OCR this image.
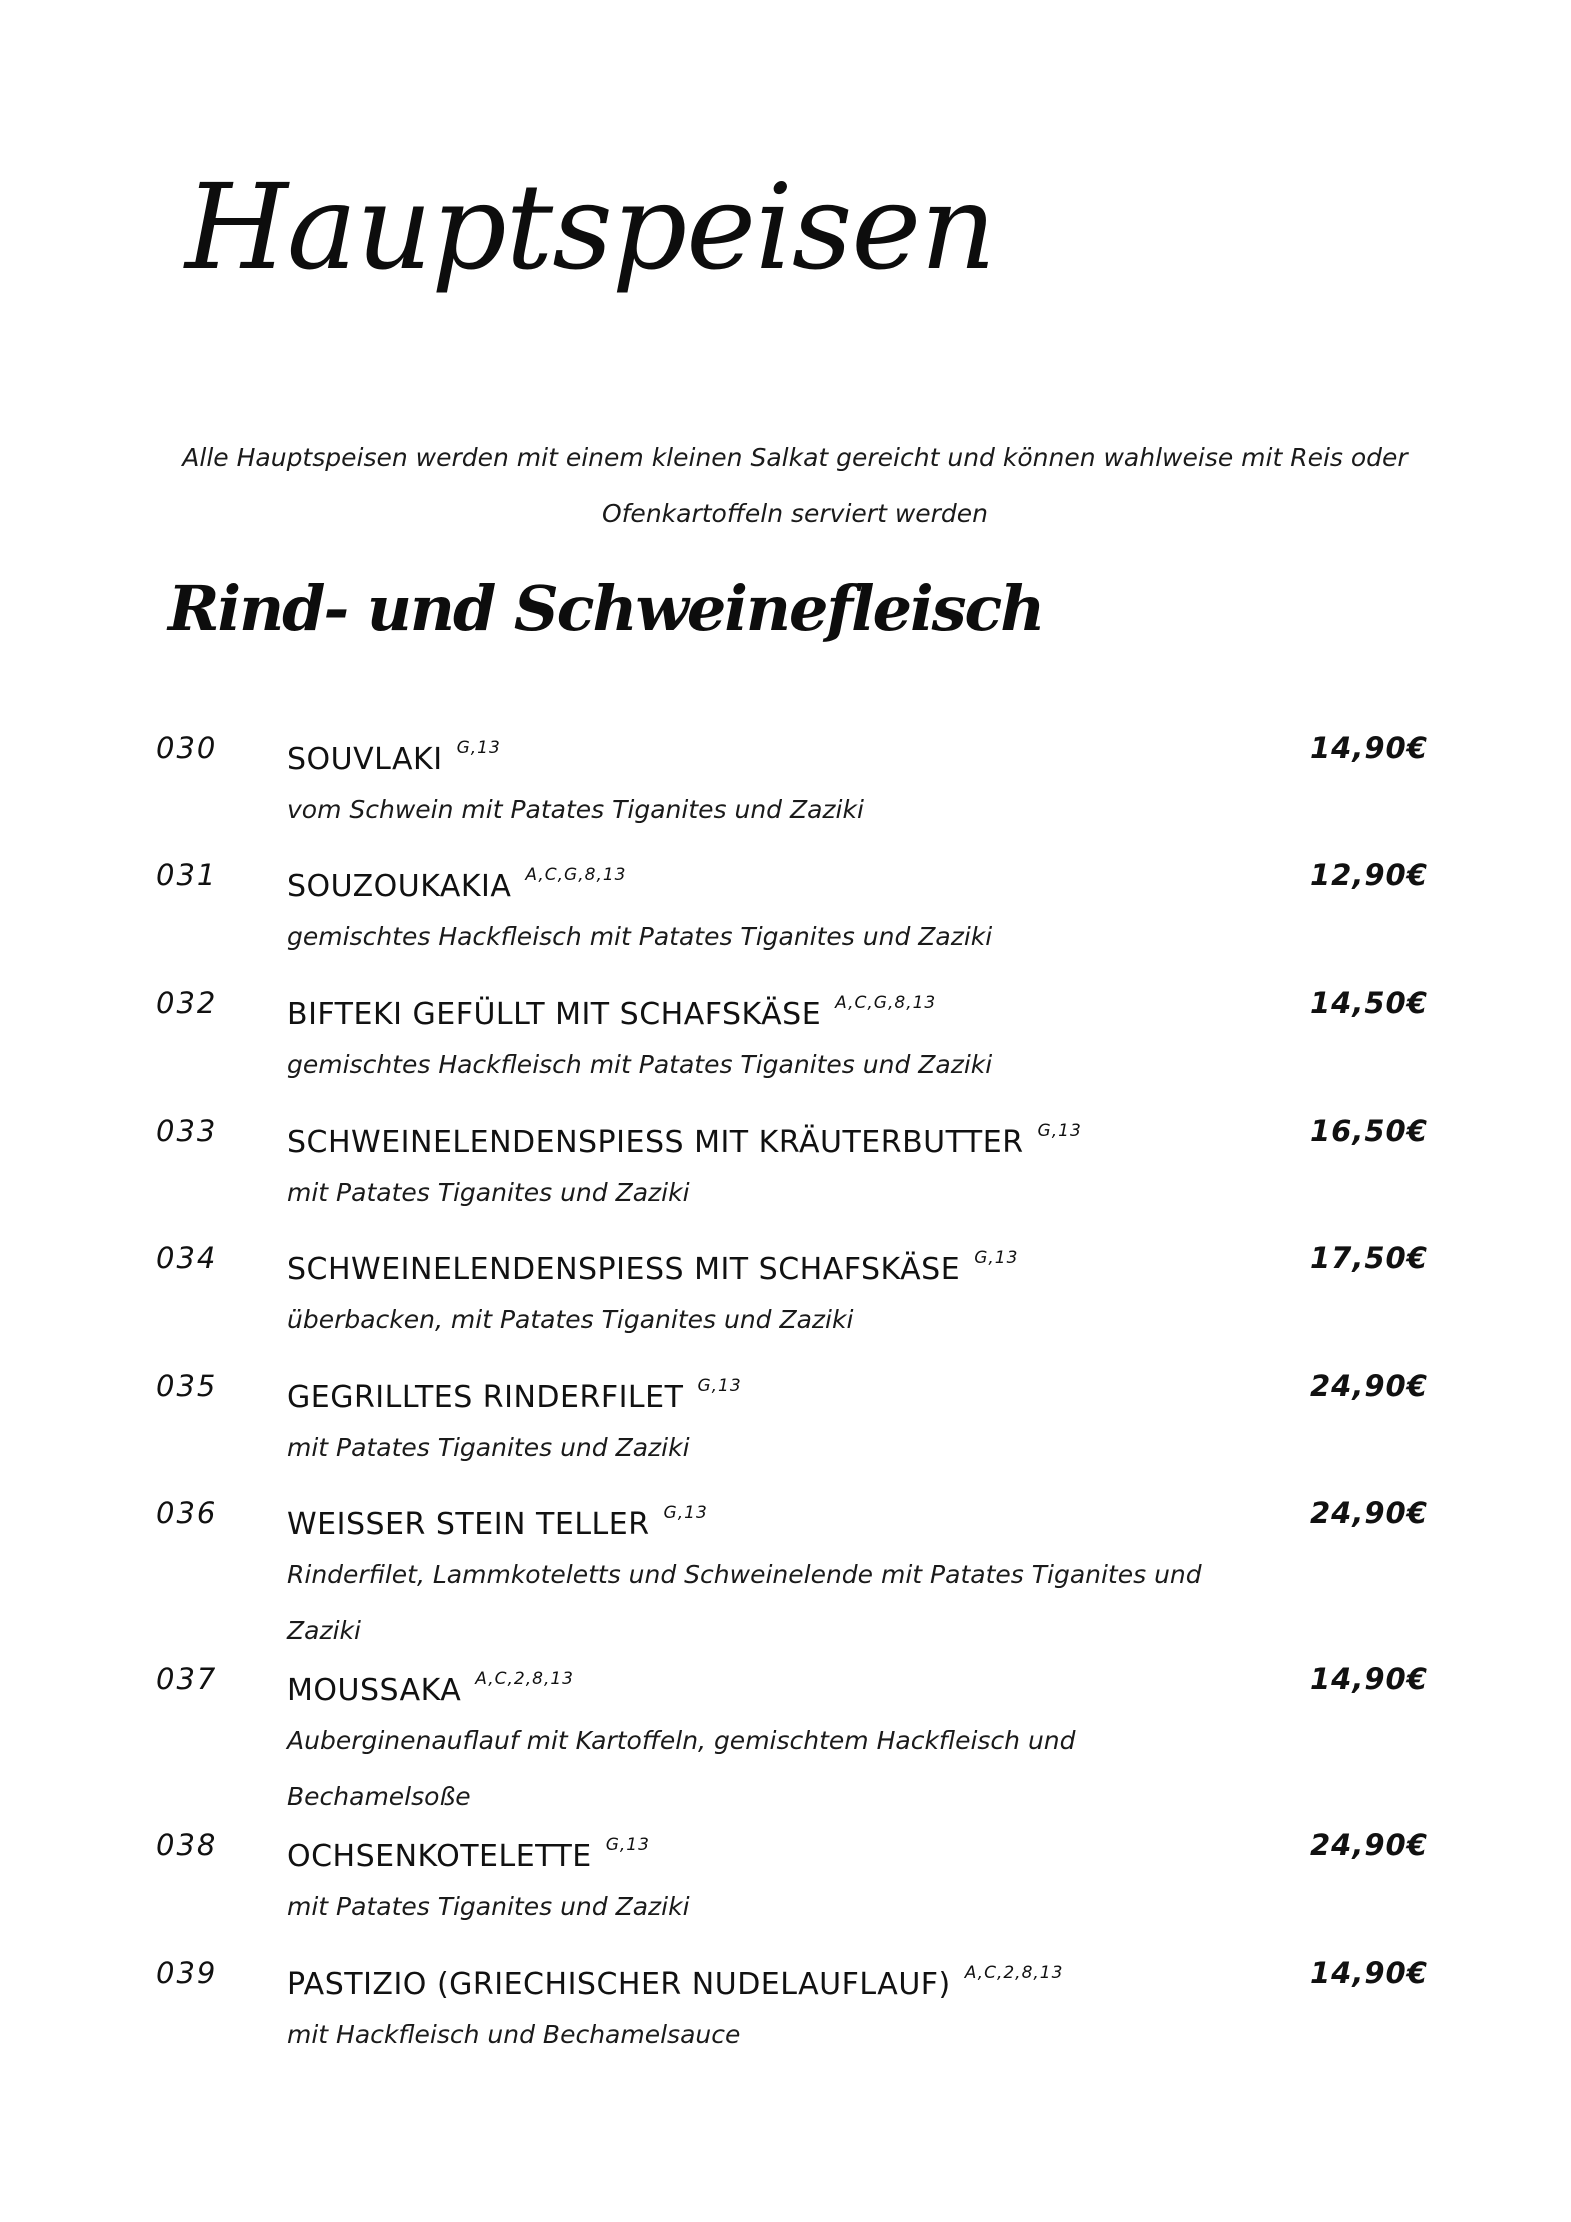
Hauptspeisen
Alle Hauptspeisen werden mit einem kleinen Salkat gereicht und können wahlweise mit Reis oder Ofenkartoffeln serviert werden
Rind- und Schweinefleisch
030 SOUVLAKI $^{G,13}$	14,90€
vom Schwein mit Patates Tiganites und Zaziki
031 SOUZOUKAKIA $^{A,C,G,8,13}$	12,90€
gemischtes Hackfleisch mit Patates Tiganites und Zaziki
032 BIFTEKI GEFÜLLT MIT SCHAFSKÄSE $^{A,C,G,8,13}$	14,50€
gemischtes Hackfleisch mit Patates Tiganites und Zaziki
033 SCHWEINELENDENSPIESS MIT KRÄUTERBUTTER $^{G,13}$	16,50€
mit Patates Tiganites und Zaziki
034 SCHWEINELENDENSPIESS MIT SCHAFSKÄSE $^{G,13}$	17,50€
überbacken, mit Patates Tiganites und Zaziki
035 GEGRILLTES RINDERFILET $^{G,13}$	24,90€
mit Patates Tiganites und Zaziki
036 WEISSER STEIN TELLER $^{G,13}$	24,90€
Rinderfilet, Lammkoteletts und Schweinelende mit Patates Tiganites und Zaziki
037 MOUSSAKA $^{A,C,2,8,13}$	14,90€
Auberginenauflauf mit Kartoffeln, gemischtem Hackfleisch und Bechamelsoße
038 OCHSENKOTELETTE $^{G,13}$	24,90€
mit Patates Tiganites und Zaziki
039 PASTIZIO (GRIECHISCHER NUDELAUFLAUF) $^{A,C,2,8,13}$	14,90€
mit Hackfleisch und Bechamelsauce
